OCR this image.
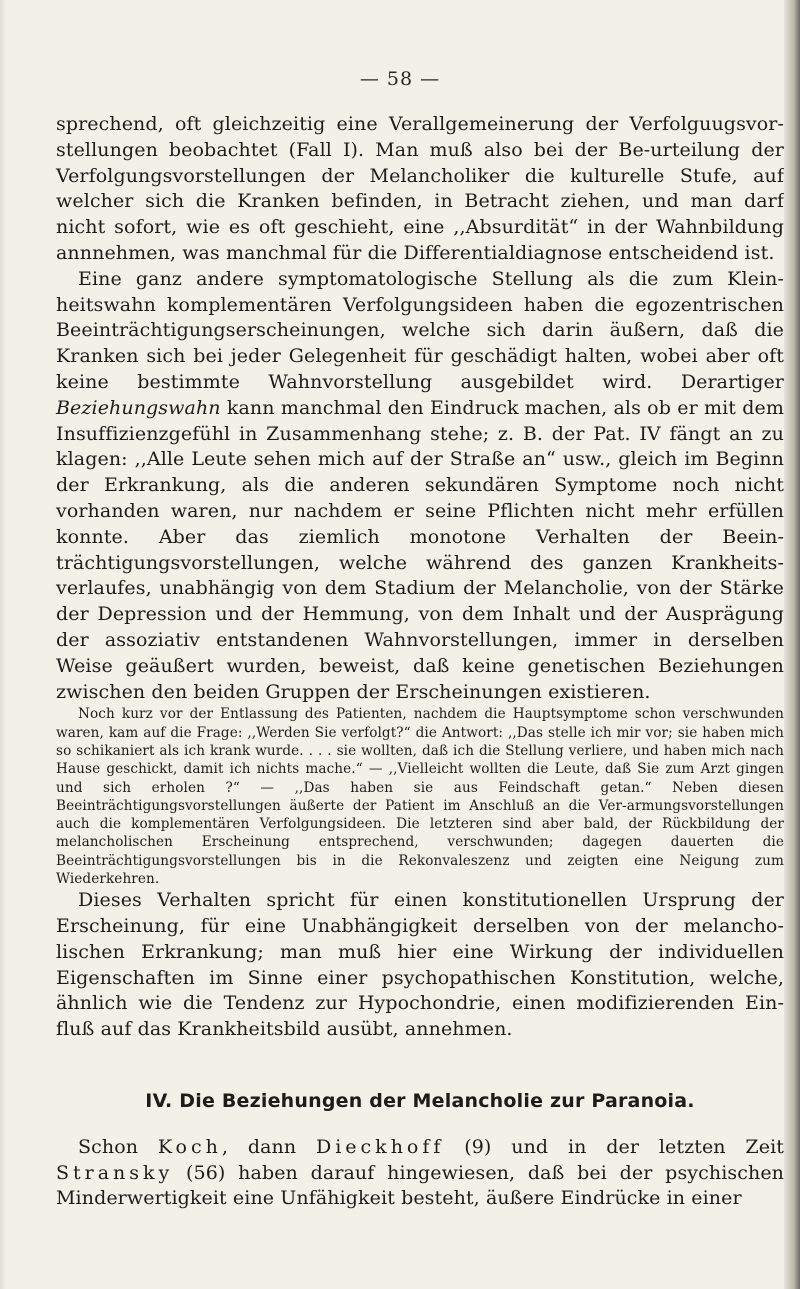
— 58 —

sprechend, oft gleichzeitig eine Verallgemeinerung der Verfolguugsvor-stellungen beobachtet (Fall I). Man muß also bei der Be-urteilung der Verfolgungsvorstellungen der Melancholiker die kulturelle Stufe, auf welcher sich die Kranken befinden, in Betracht ziehen, und man darf nicht sofort, wie es oft geschieht, eine ,,Absurdität“ in der Wahnbildung annnehmen, was manchmal für die Differentialdiagnose entscheidend ist.

Eine ganz andere symptomatologische Stellung als die zum Klein-heitswahn komplementären Verfolgungsideen haben die egozentrischen Beeinträchtigungserscheinungen, welche sich darin äußern, daß die Kranken sich bei jeder Gelegenheit für geschädigt halten, wobei aber oft keine bestimmte Wahnvorstellung ausgebildet wird. Derartiger Beziehungswahn kann manchmal den Eindruck machen, als ob er mit dem Insuffizienzgefühl in Zusammenhang stehe; z. B. der Pat. IV fängt an zu klagen: ,,Alle Leute sehen mich auf der Straße an“ usw., gleich im Beginn der Erkrankung, als die anderen sekundären Symptome noch nicht vorhanden waren, nur nachdem er seine Pflichten nicht mehr erfüllen konnte. Aber das ziemlich monotone Verhalten der Beein-trächtigungsvorstellungen, welche während des ganzen Krankheits-verlaufes, unabhängig von dem Stadium der Melancholie, von der Stärke der Depression und der Hemmung, von dem Inhalt und der Ausprägung der assoziativ entstandenen Wahnvorstellungen, immer in derselben Weise geäußert wurden, beweist, daß keine genetischen Beziehungen zwischen den beiden Gruppen der Erscheinungen existieren.

Noch kurz vor der Entlassung des Patienten, nachdem die Hauptsymptome schon verschwunden waren, kam auf die Frage: ,,Werden Sie verfolgt?“ die Antwort: ,,Das stelle ich mir vor; sie haben mich so schikaniert als ich krank wurde. . . . sie wollten, daß ich die Stellung verliere, und haben mich nach Hause geschickt, damit ich nichts mache.“ — ,,Vielleicht wollten die Leute, daß Sie zum Arzt gingen und sich erholen ?“ — ,,Das haben sie aus Feindschaft getan.“ Neben diesen Beeinträchtigungsvorstellungen äußerte der Patient im Anschluß an die Ver-armungsvorstellungen auch die komplementären Verfolgungsideen. Die letzteren sind aber bald, der Rückbildung der melancholischen Erscheinung entsprechend, verschwunden; dagegen dauerten die Beeinträchtigungsvorstellungen bis in die Rekonvaleszenz und zeigten eine Neigung zum Wiederkehren.

Dieses Verhalten spricht für einen konstitutionellen Ursprung der Erscheinung, für eine Unabhängigkeit derselben von der melancho-lischen Erkrankung; man muß hier eine Wirkung der individuellen Eigenschaften im Sinne einer psychopathischen Konstitution, welche, ähnlich wie die Tendenz zur Hypochondrie, einen modifizierenden Ein-fluß auf das Krankheitsbild ausübt, annehmen.

IV. Die Beziehungen der Melancholie zur Paranoia.

Schon Koch, dann Dieckhoff (9) und in der letzten Zeit Stransky (56) haben darauf hingewiesen, daß bei der psychischen Minderwertigkeit eine Unfähigkeit besteht, äußere Eindrücke in einer
